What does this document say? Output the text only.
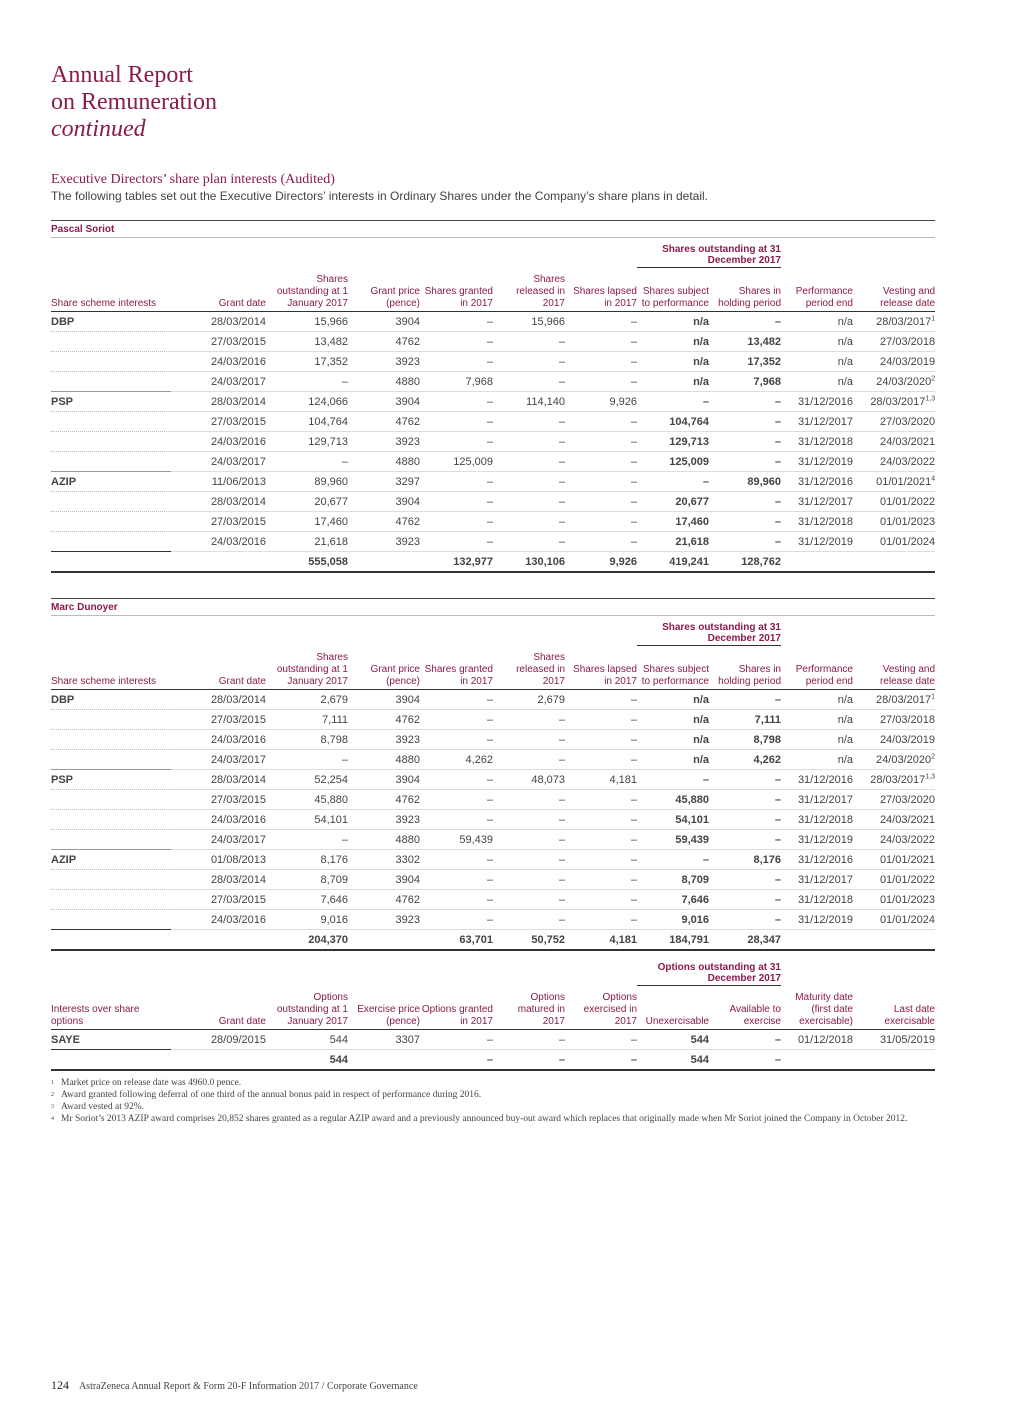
Annual Report
on Remuneration
continued
Executive Directors’ share plan interests (Audited)
The following tables set out the Executive Directors’ interests in Ordinary Shares under the Company’s share plans in detail.
Pascal Soriot										
							Shares outstanding at 31 December 2017			
Share scheme interests	Grant date	Shares outstanding at 1 January 2017	Grant price (pence)	Shares granted in 2017	Shares released in 2017	Shares lapsed in 2017	Shares subject to performance	Shares in holding period	Performance period end	Vesting and release date
DBP	28/03/2014	15,966	3904	–	15,966	–	n/a	–	n/a	28/03/2017$^1$
	27/03/2015	13,482	4762	–	–	–	n/a	13,482	n/a	27/03/2018
	24/03/2016	17,352	3923	–	–	–	n/a	17,352	n/a	24/03/2019
	24/03/2017	–	4880	7,968	–	–	n/a	7,968	n/a	24/03/2020$^2$
PSP	28/03/2014	124,066	3904	–	114,140	9,926	–	–	31/12/2016	28/03/2017$^{1,3}$
	27/03/2015	104,764	4762	–	–	–	104,764	–	31/12/2017	27/03/2020
	24/03/2016	129,713	3923	–	–	–	129,713	–	31/12/2018	24/03/2021
	24/03/2017	–	4880	125,009	–	–	125,009	–	31/12/2019	24/03/2022
AZIP	11/06/2013	89,960	3297	–	–	–	–	89,960	31/12/2016	01/01/2021$^4$
	28/03/2014	20,677	3904	–	–	–	20,677	–	31/12/2017	01/01/2022
	27/03/2015	17,460	4762	–	–	–	17,460	–	31/12/2018	01/01/2023
	24/03/2016	21,618	3923	–	–	–	21,618	–	31/12/2019	01/01/2024
		555,058		132,977	130,106	9,926	419,241	128,762		
Marc Dunoyer										
							Shares outstanding at 31 December 2017			
Share scheme interests	Grant date	Shares outstanding at 1 January 2017	Grant price (pence)	Shares granted in 2017	Shares released in 2017	Shares lapsed in 2017	Shares subject to performance	Shares in holding period	Performance period end	Vesting and release date
DBP	28/03/2014	2,679	3904	–	2,679	–	n/a	–	n/a	28/03/2017$^1$
	27/03/2015	7,111	4762	–	–	–	n/a	7,111	n/a	27/03/2018
	24/03/2016	8,798	3923	–	–	–	n/a	8,798	n/a	24/03/2019
	24/03/2017	–	4880	4,262	–	–	n/a	4,262	n/a	24/03/2020$^2$
PSP	28/03/2014	52,254	3904	–	48,073	4,181	–	–	31/12/2016	28/03/2017$^{1,3}$
	27/03/2015	45,880	4762	–	–	–	45,880	–	31/12/2017	27/03/2020
	24/03/2016	54,101	3923	–	–	–	54,101	–	31/12/2018	24/03/2021
	24/03/2017	–	4880	59,439	–	–	59,439	–	31/12/2019	24/03/2022
AZIP	01/08/2013	8,176	3302	–	–	–	–	8,176	31/12/2016	01/01/2021
	28/03/2014	8,709	3904	–	–	–	8,709	–	31/12/2017	01/01/2022
	27/03/2015	7,646	4762	–	–	–	7,646	–	31/12/2018	01/01/2023
	24/03/2016	9,016	3923	–	–	–	9,016	–	31/12/2019	01/01/2024
		204,370		63,701	50,752	4,181	184,791	28,347		
							Options outstanding at 31 December 2017			
Interests over share options	Grant date	Options outstanding at 1 January 2017	Exercise price (pence)	Options granted in 2017	Options matured in 2017	Options exercised in 2017	Unexercisable	Available to exercise	Maturity date (first date exercisable)	Last date exercisable
SAYE	28/09/2015	544	3307	–	–	–	544	–	01/12/2018	31/05/2019
		544		–	–	–	544	–		
1 Market price on release date was 4960.0 pence.
2 Award granted following deferral of one third of the annual bonus paid in respect of performance during 2016.
3 Award vested at 92%.
4 Mr Soriot’s 2013 AZIP award comprises 20,852 shares granted as a regular AZIP award and a previously announced buy-out award which replaces that originally made when Mr Soriot joined the Company in October 2012.
124 AstraZeneca Annual Report & Form 20-F Information 2017 / Corporate Governance
